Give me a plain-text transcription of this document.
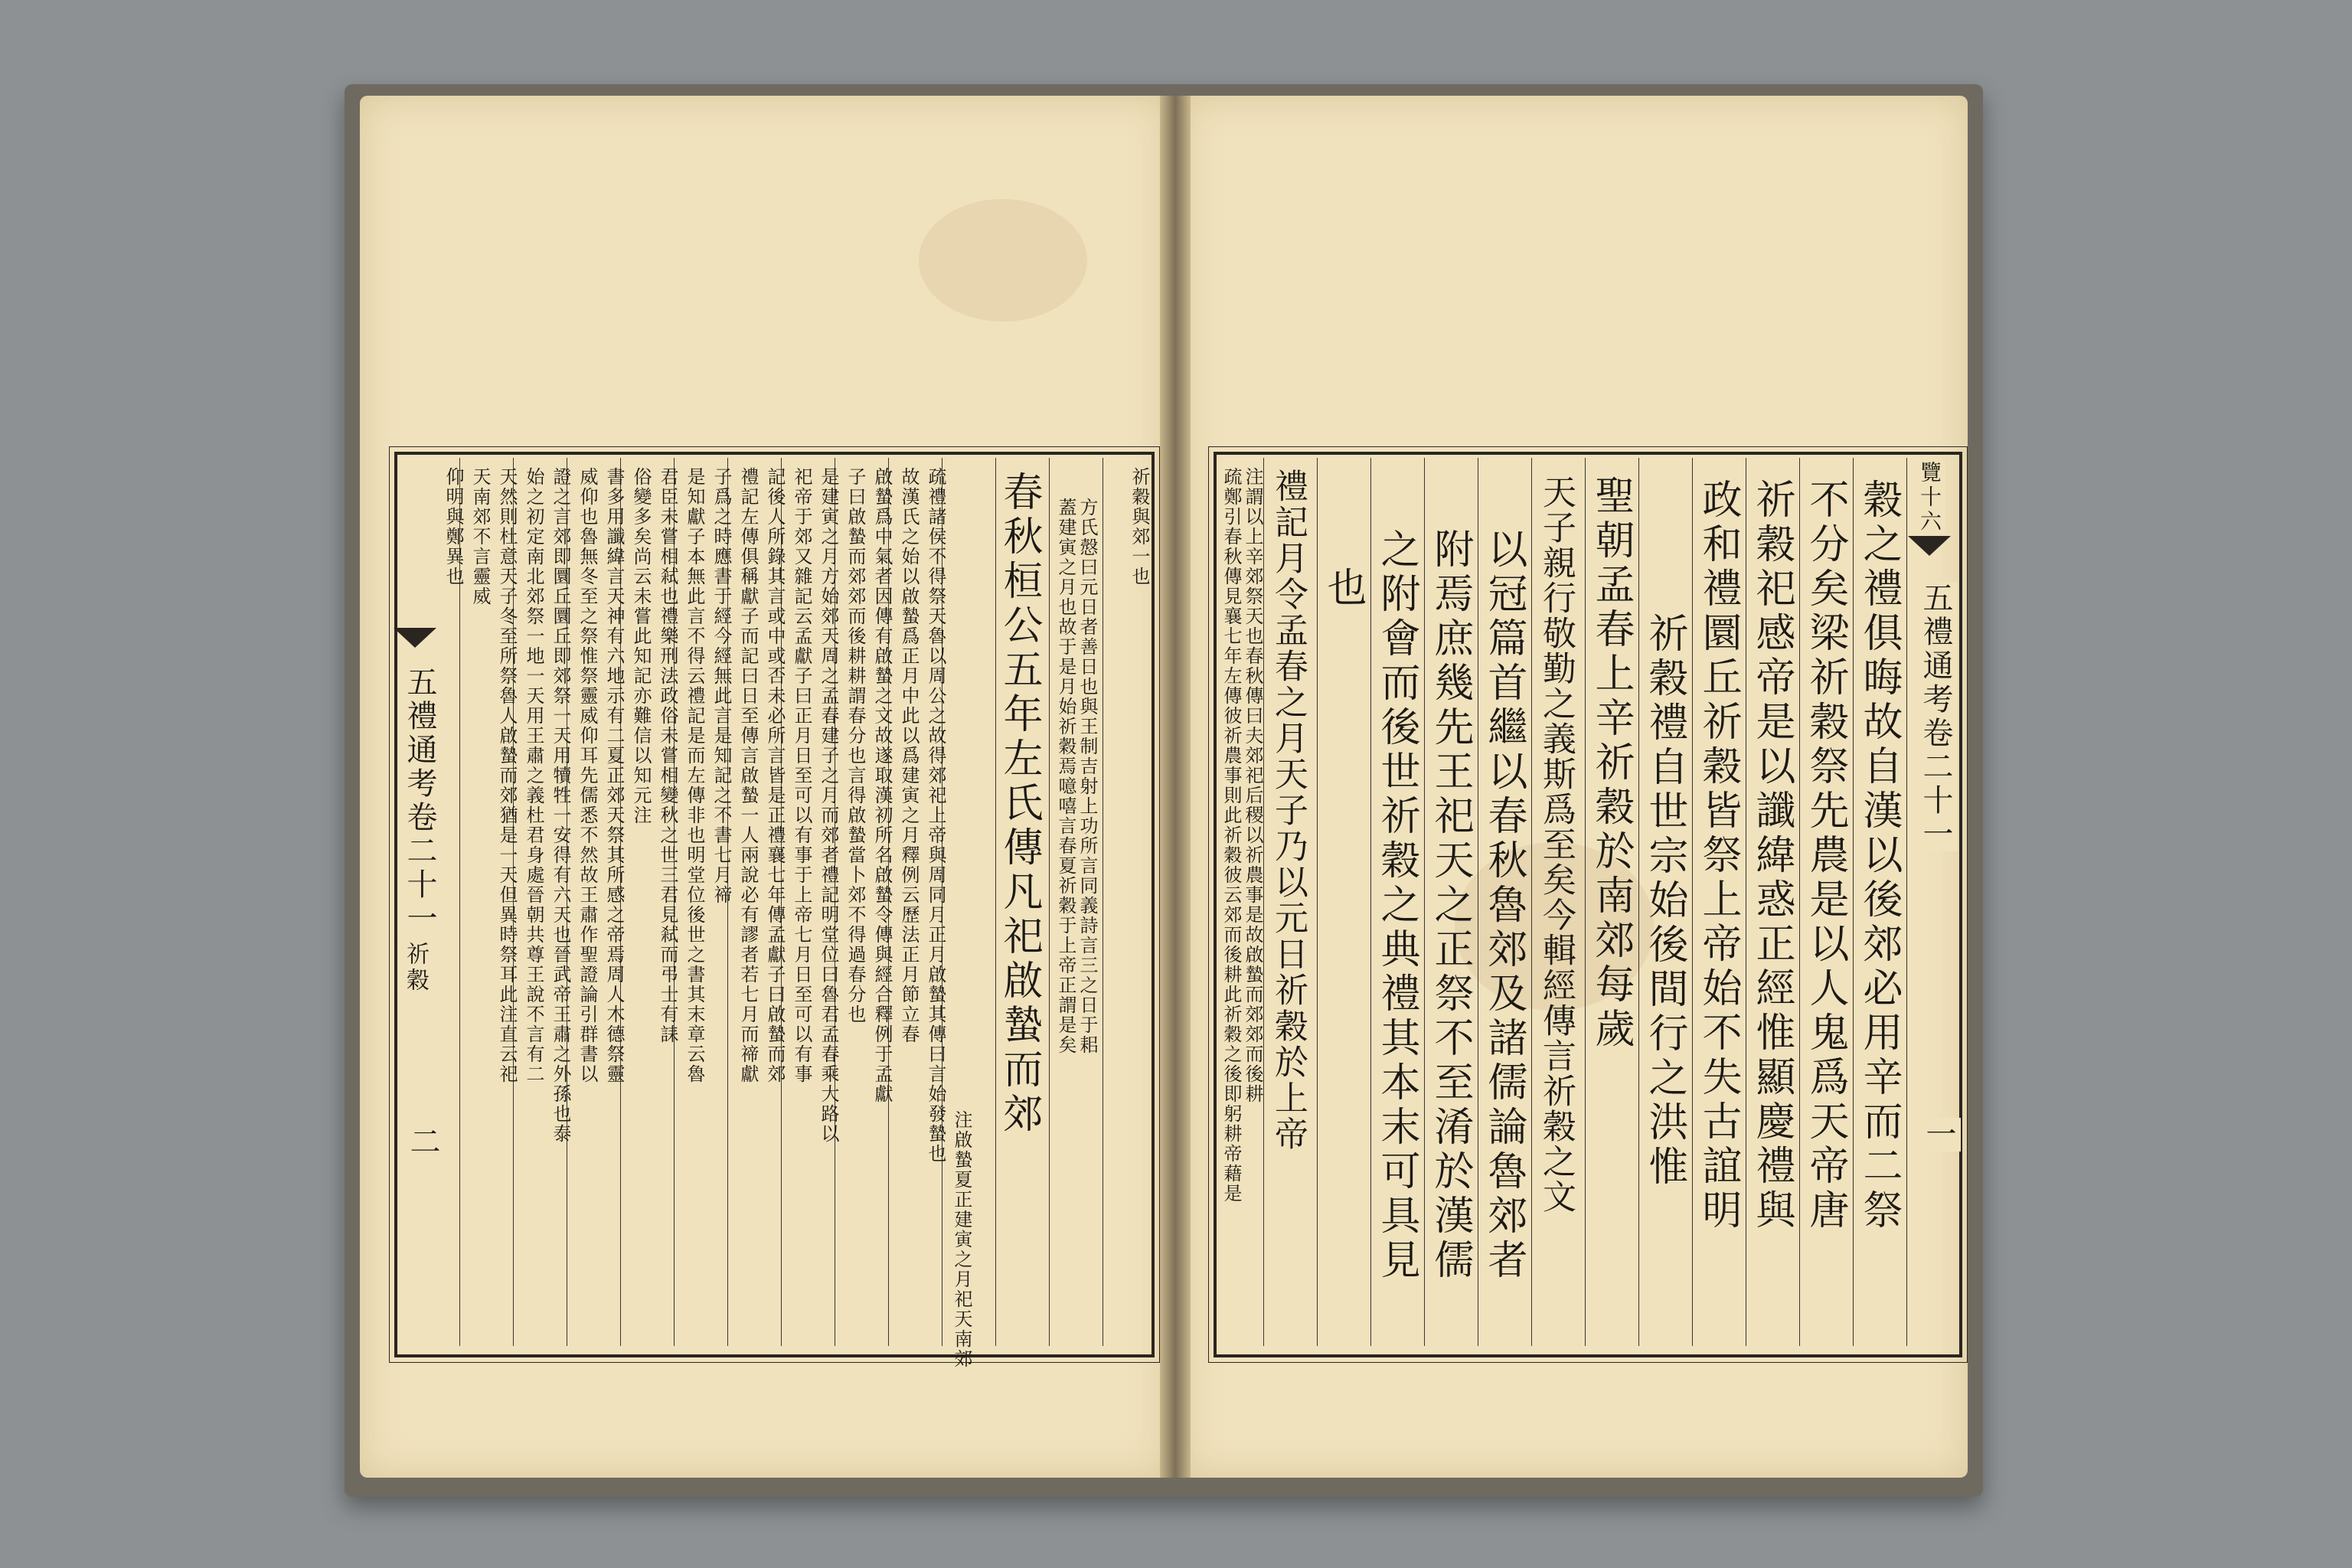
覽十六
五禮通考卷二十一
一
五禮通考卷二十一
祈穀
二	穀之禮俱晦故自漢以後郊必用辛而二祭
不分矣梁祈穀祭先農是以人鬼爲天帝唐
祈穀祀感帝是以讖緯惑正經惟顯慶禮與
政和禮圜丘祈穀皆祭上帝始不失古誼明
祈穀禮自世宗始後間行之洪惟
聖朝孟春上辛祈穀於南郊每歲
天子親行敬勤之義斯爲至矣今輯經傳言祈穀之文
以冠篇首繼以春秋魯郊及諸儒論魯郊者
附焉庶幾先王祀天之正祭不至淆於漢儒
之附會而後世祈穀之典禮其本末可具見
也
禮記月令孟春之月天子乃以元日祈穀於上帝
注謂以上辛郊祭天也春秋傳曰夫郊祀后稷以祈農事是故啟蟄而郊郊而後耕
疏鄭引春秋傳見襄七年左傳彼祈農事則此祈穀彼云郊而後耕此祈穀之後即躬耕帝藉是
祈穀與郊一也
方氏慤曰元日者善日也與王制吉射上功所言同義詩言三之日于耜
蓋建寅之月也故于是月始祈穀焉噫嘻言春夏祈穀于上帝正謂是矣
春秋桓公五年左氏傳凡祀啟蟄而郊
注啟蟄夏正建寅之月祀天南郊
疏禮諸侯不得祭天魯以周公之故得郊祀上帝與周同月正月啟蟄其傳曰言始發蟄也
故漢氏之始以啟蟄爲正月中此以爲建寅之月釋例云歷法正月節立春
啟蟄爲中氣者因傳有啟蟄之文故遂取漢初所名啟蟄令傳與經合釋例于孟獻
子曰啟蟄而郊郊而後耕耕謂春分也言得啟蟄當卜郊不得過春分也
是建寅之月方始郊天周之孟春建子之月而郊者禮記明堂位曰魯君孟春乘大路以
祀帝于郊又雜記云孟獻子曰正月日至可以有事于上帝七月日至可以有事
記後人所錄其言或中或否未必所言皆是正禮襄七年傳孟獻子曰啟蟄而郊
禮記左傳俱稱獻子而記曰日至傳言啟蟄一人兩說必有謬者若七月而禘獻
子爲之時應書于經今經無此言是知記之不書七月禘
是知獻子本無此言不得云禮記是而左傳非也明堂位後世之書其末章云魯
君臣未嘗相弒也禮樂刑法政俗未嘗相變秋之世三君見弒而弔士有誄
俗變多矣尚云未嘗此知記亦難信以知元注
書多用讖緯言天神有六地示有二夏正郊天祭其所感之帝焉周人木德祭靈
威仰也魯無冬至之祭惟祭靈威仰耳先儒悉不然故王肅作聖證論引群書以
證之言郊即圜丘圜丘即郊祭一天用犢牲一安得有六天也晉武帝王肅之外孫也泰
始之初定南北郊祭一地一天用王肅之義杜君身處晉朝共尊王說不言有二
天然則杜意天子冬至所祭魯人啟蟄而郊猶是一天但異時祭耳此注直云祀
天南郊不言靈威
仰明與鄭異也
